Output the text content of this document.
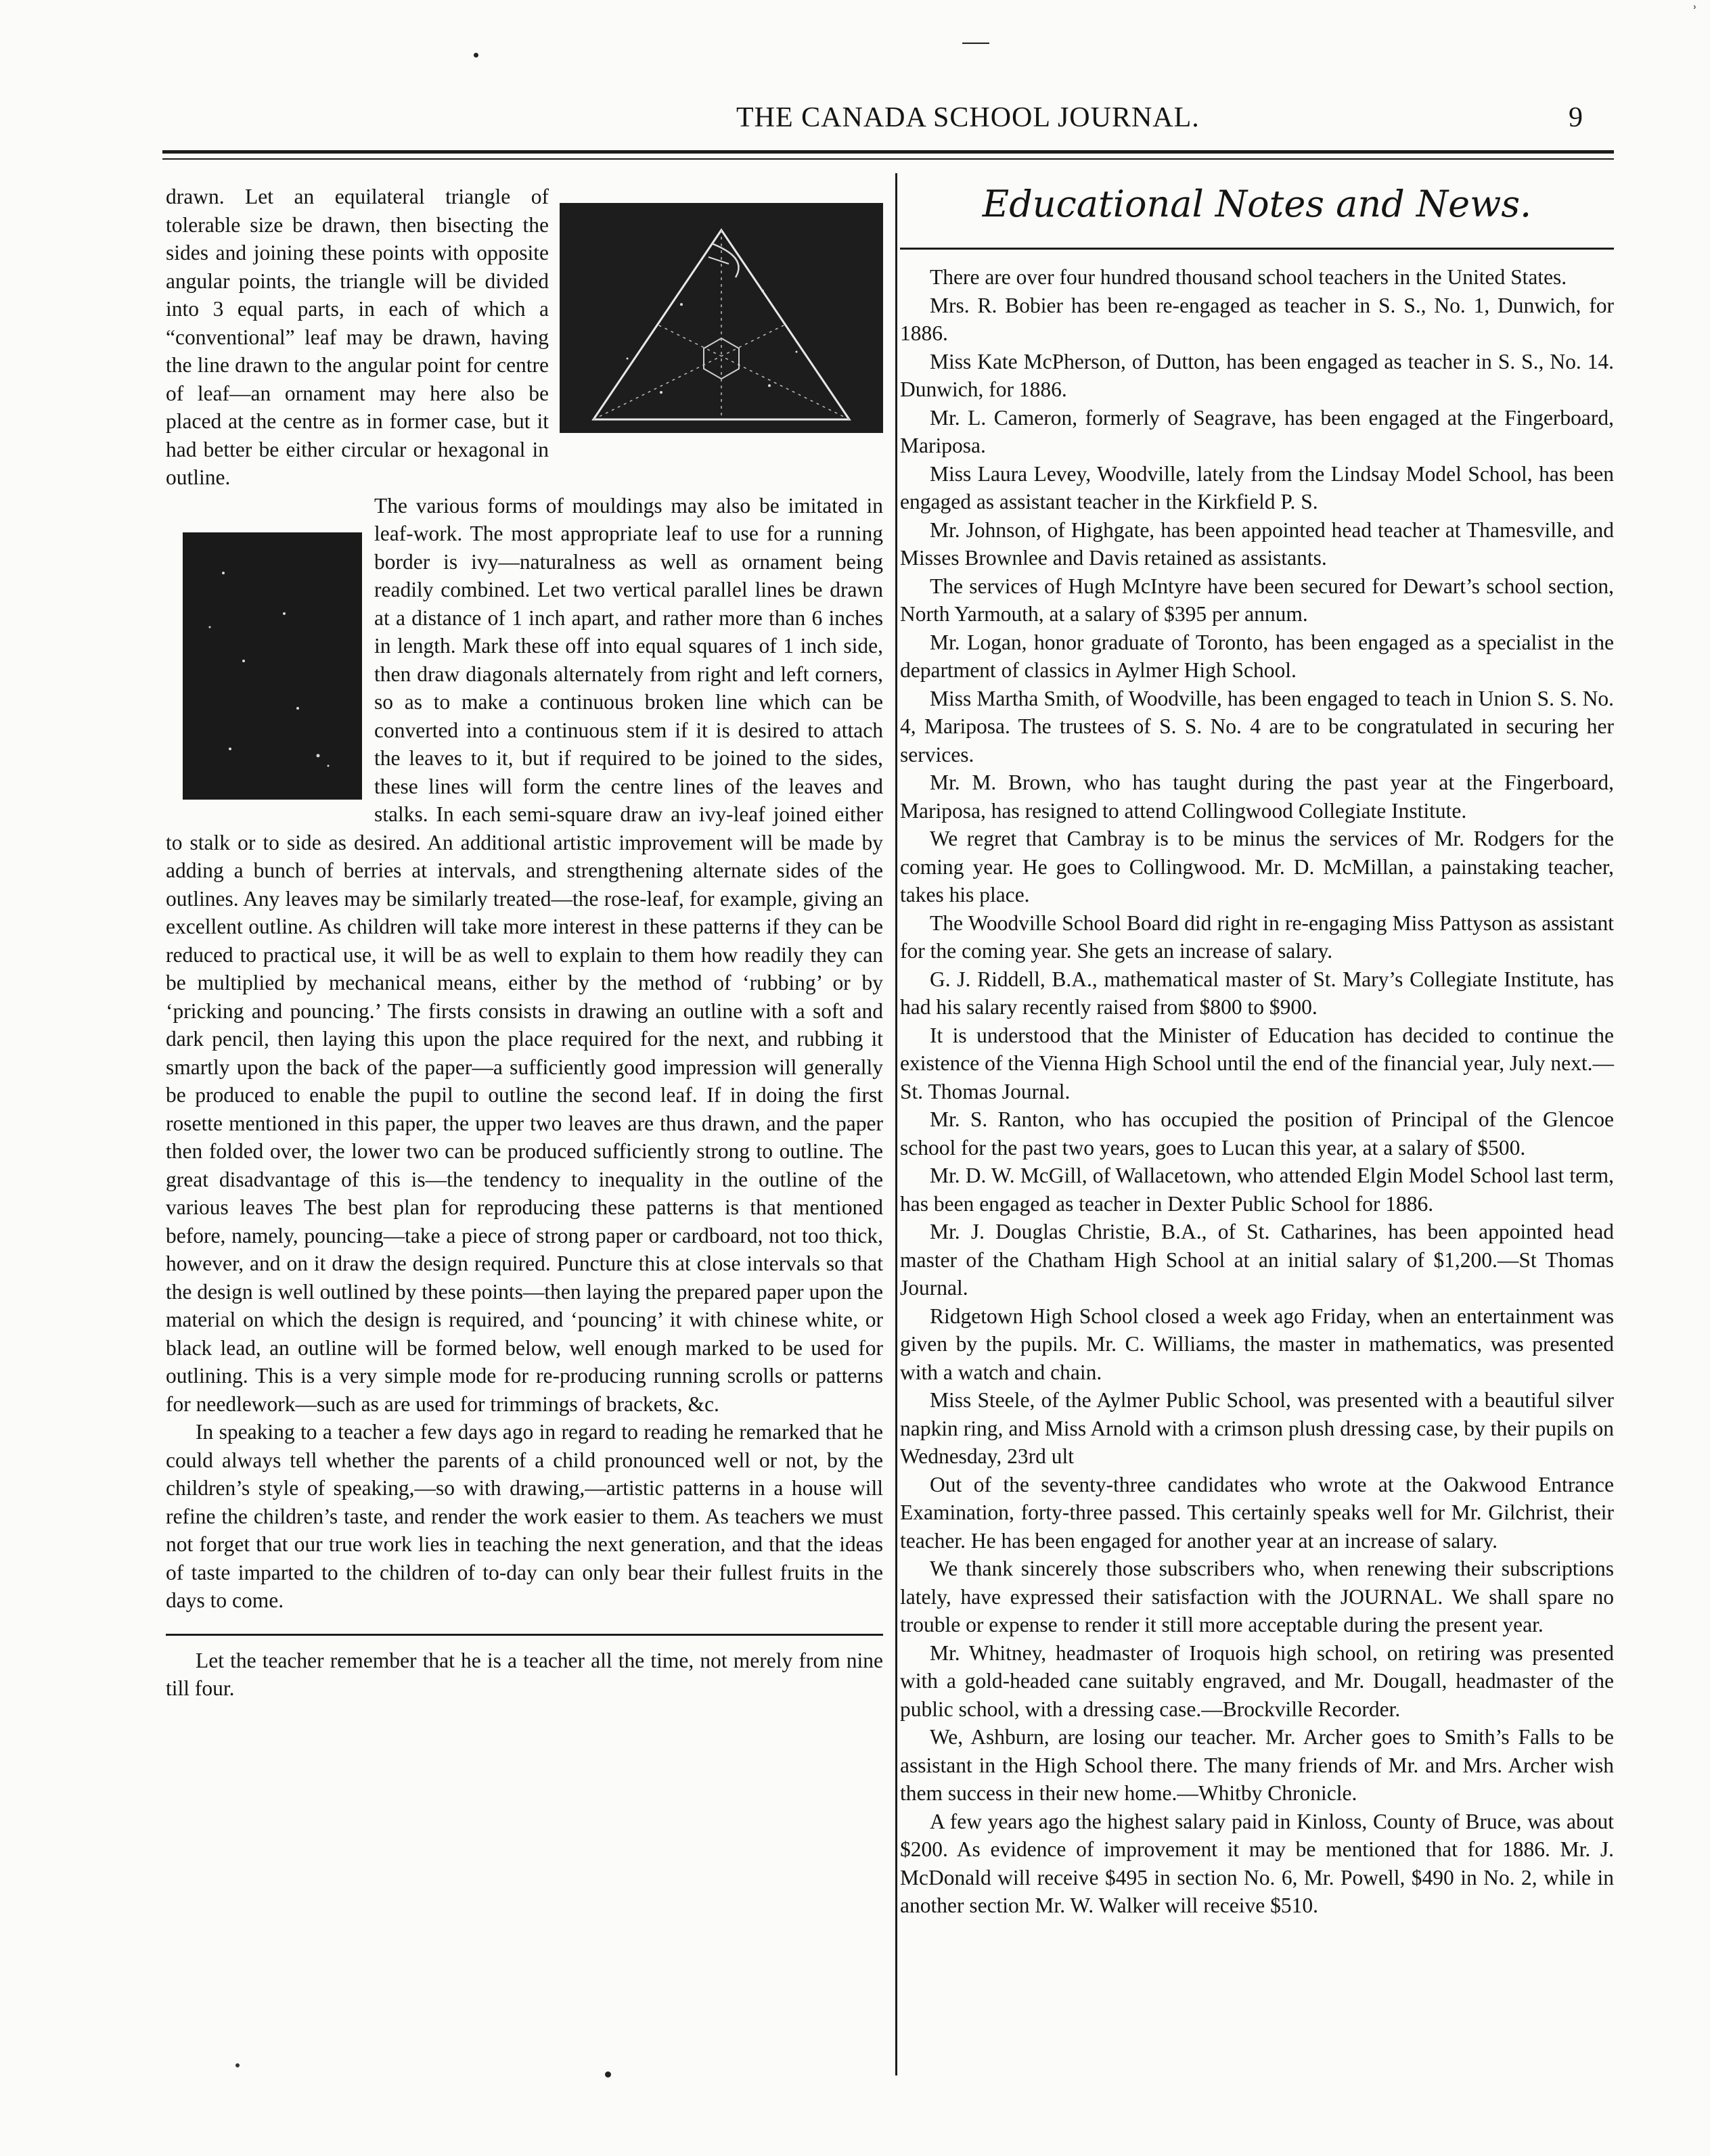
⸏
ʾ
THE CANADA SCHOOL JOURNAL.	9

drawn. Let an equilateral triangle of tolerable size be drawn, then bisecting the sides and joining these points with opposite angular points, the triangle will be divided into 3 equal parts, in each of which a “conventional” leaf may be drawn, having the line drawn to the angular point for centre of leaf—an ornament may here also be placed at the centre as in former case, but it had better be either circular or hexagonal in outline.

The various forms of mouldings may also be imitated in leaf-work. The most appropriate leaf to use for a running border is ivy—naturalness as well as ornament being readily combined. Let two vertical parallel lines be drawn at a distance of 1 inch apart, and rather more than 6 inches in length. Mark these off into equal squares of 1 inch side, then draw diagonals alternately from right and left corners, so as to make a continuous broken line which can be converted into a continuous stem if it is desired to attach the leaves to it, but if required to be joined to the sides, these lines will form the centre lines of the leaves and stalks. In each semi-square draw an ivy-leaf joined either to stalk or to side as desired. An additional artistic improvement will be made by adding a bunch of berries at intervals, and strengthening alternate sides of the outlines. Any leaves may be similarly treated—the rose-leaf, for example, giving an excellent outline. As children will take more interest in these patterns if they can be reduced to practical use, it will be as well to explain to them how readily they can be multiplied by mechanical means, either by the method of ‘rubbing’ or by ‘pricking and pouncing.’ The firsts consists in drawing an outline with a soft and dark pencil, then laying this upon the place required for the next, and rubbing it smartly upon the back of the paper—a sufficiently good impression will generally be produced to enable the pupil to outline the second leaf. If in doing the first rosette mentioned in this paper, the upper two leaves are thus drawn, and the paper then folded over, the lower two can be produced sufficiently strong to outline. The great disadvantage of this is—the tendency to inequality in the outline of the various leaves The best plan for reproducing these patterns is that mentioned before, namely, pouncing—take a piece of strong paper or cardboard, not too thick, however, and on it draw the design required. Puncture this at close intervals so that the design is well outlined by these points—then laying the prepared paper upon the material on which the design is required, and ‘pouncing’ it with chinese white, or black lead, an outline will be formed below, well enough marked to be used for outlining. This is a very simple mode for re-producing running scrolls or patterns for needlework—such as are used for trimmings of brackets, &c.

In speaking to a teacher a few days ago in regard to reading he remarked that he could always tell whether the parents of a child pronounced well or not, by the children’s style of speaking,—so with drawing,—artistic patterns in a house will refine the children’s taste, and render the work easier to them. As teachers we must not forget that our true work lies in teaching the next generation, and that the ideas of taste imparted to the children of to-day can only bear their fullest fruits in the days to come.

Let the teacher remember that he is a teacher all the time, not merely from nine till four.

Educational Notes and News.

There are over four hundred thousand school teachers in the United States.

Mrs. R. Bobier has been re-engaged as teacher in S. S., No. 1, Dunwich, for 1886.

Miss Kate McPherson, of Dutton, has been engaged as teacher in S. S., No. 14. Dunwich, for 1886.

Mr. L. Cameron, formerly of Seagrave, has been engaged at the Fingerboard, Mariposa.

Miss Laura Levey, Woodville, lately from the Lindsay Model School, has been engaged as assistant teacher in the Kirkfield P. S.

Mr. Johnson, of Highgate, has been appointed head teacher at Thamesville, and Misses Brownlee and Davis retained as assistants.

The services of Hugh McIntyre have been secured for Dewart’s school section, North Yarmouth, at a salary of $395 per annum.

Mr. Logan, honor graduate of Toronto, has been engaged as a specialist in the department of classics in Aylmer High School.

Miss Martha Smith, of Woodville, has been engaged to teach in Union S. S. No. 4, Mariposa. The trustees of S. S. No. 4 are to be congratulated in securing her services.

Mr. M. Brown, who has taught during the past year at the Fingerboard, Mariposa, has resigned to attend Collingwood Collegiate Institute.

We regret that Cambray is to be minus the services of Mr. Rodgers for the coming year. He goes to Collingwood. Mr. D. McMillan, a painstaking teacher, takes his place.

The Woodville School Board did right in re-engaging Miss Pattyson as assistant for the coming year. She gets an increase of salary.

G. J. Riddell, B.A., mathematical master of St. Mary’s Collegiate Institute, has had his salary recently raised from $800 to $900.

It is understood that the Minister of Education has decided to continue the existence of the Vienna High School until the end of the financial year, July next.—St. Thomas Journal.

Mr. S. Ranton, who has occupied the position of Principal of the Glencoe school for the past two years, goes to Lucan this year, at a salary of $500.

Mr. D. W. McGill, of Wallacetown, who attended Elgin Model School last term, has been engaged as teacher in Dexter Public School for 1886.

Mr. J. Douglas Christie, B.A., of St. Catharines, has been appointed head master of the Chatham High School at an initial salary of $1,200.—St Thomas Journal.

Ridgetown High School closed a week ago Friday, when an entertainment was given by the pupils. Mr. C. Williams, the master in mathematics, was presented with a watch and chain.

Miss Steele, of the Aylmer Public School, was presented with a beautiful silver napkin ring, and Miss Arnold with a crimson plush dressing case, by their pupils on Wednesday, 23rd ult

Out of the seventy-three candidates who wrote at the Oakwood Entrance Examination, forty-three passed. This certainly speaks well for Mr. Gilchrist, their teacher. He has been engaged for another year at an increase of salary.

We thank sincerely those subscribers who, when renewing their subscriptions lately, have expressed their satisfaction with the JOURNAL. We shall spare no trouble or expense to render it still more acceptable during the present year.

Mr. Whitney, headmaster of Iroquois high school, on retiring was presented with a gold-headed cane suitably engraved, and Mr. Dougall, headmaster of the public school, with a dressing case.—Brockville Recorder.

We, Ashburn, are losing our teacher. Mr. Archer goes to Smith’s Falls to be assistant in the High School there. The many friends of Mr. and Mrs. Archer wish them success in their new home.—Whitby Chronicle.

A few years ago the highest salary paid in Kinloss, County of Bruce, was about $200. As evidence of improvement it may be mentioned that for 1886. Mr. J. McDonald will receive $495 in section No. 6, Mr. Powell, $490 in No. 2, while in another section Mr. W. Walker will receive $510.
